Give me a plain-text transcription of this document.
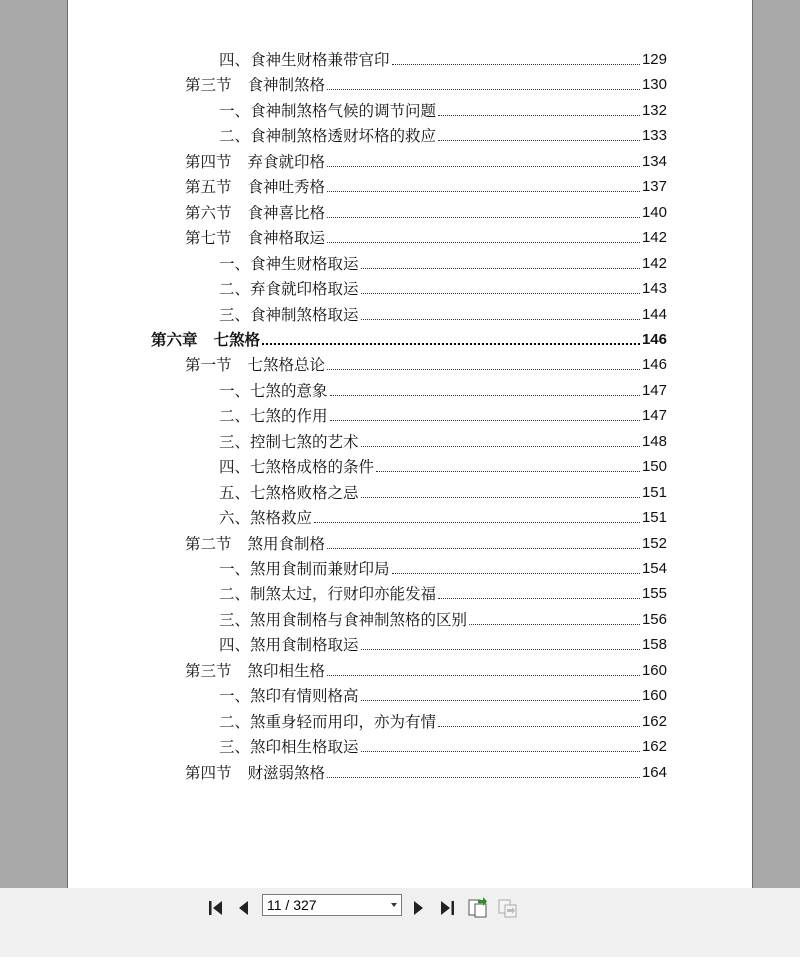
四、食神生财格兼带官印	129
第三节 食神制煞格	130
一、食神制煞格气候的调节问题	132
二、食神制煞格透财坏格的救应	133
第四节 弃食就印格	134
第五节 食神吐秀格	137
第六节 食神喜比格	140
第七节 食神格取运	142
一、食神生财格取运	142
二、弃食就印格取运	143
三、食神制煞格取运	144
第六章 七煞格	146
第一节 七煞格总论	146
一、七煞的意象	147
二、七煞的作用	147
三、控制七煞的艺术	148
四、七煞格成格的条件	150
五、七煞格败格之忌	151
六、煞格救应	151
第二节 煞用食制格	152
一、煞用食制而兼财印局	154
二、制煞太过，行财印亦能发福	155
三、煞用食制格与食神制煞格的区别	156
四、煞用食制格取运	158
第三节 煞印相生格	160
一、煞印有情则格高	160
二、煞重身轻而用印，亦为有情	162
三、煞印相生格取运	162
第四节 财滋弱煞格	164
11 / 327
